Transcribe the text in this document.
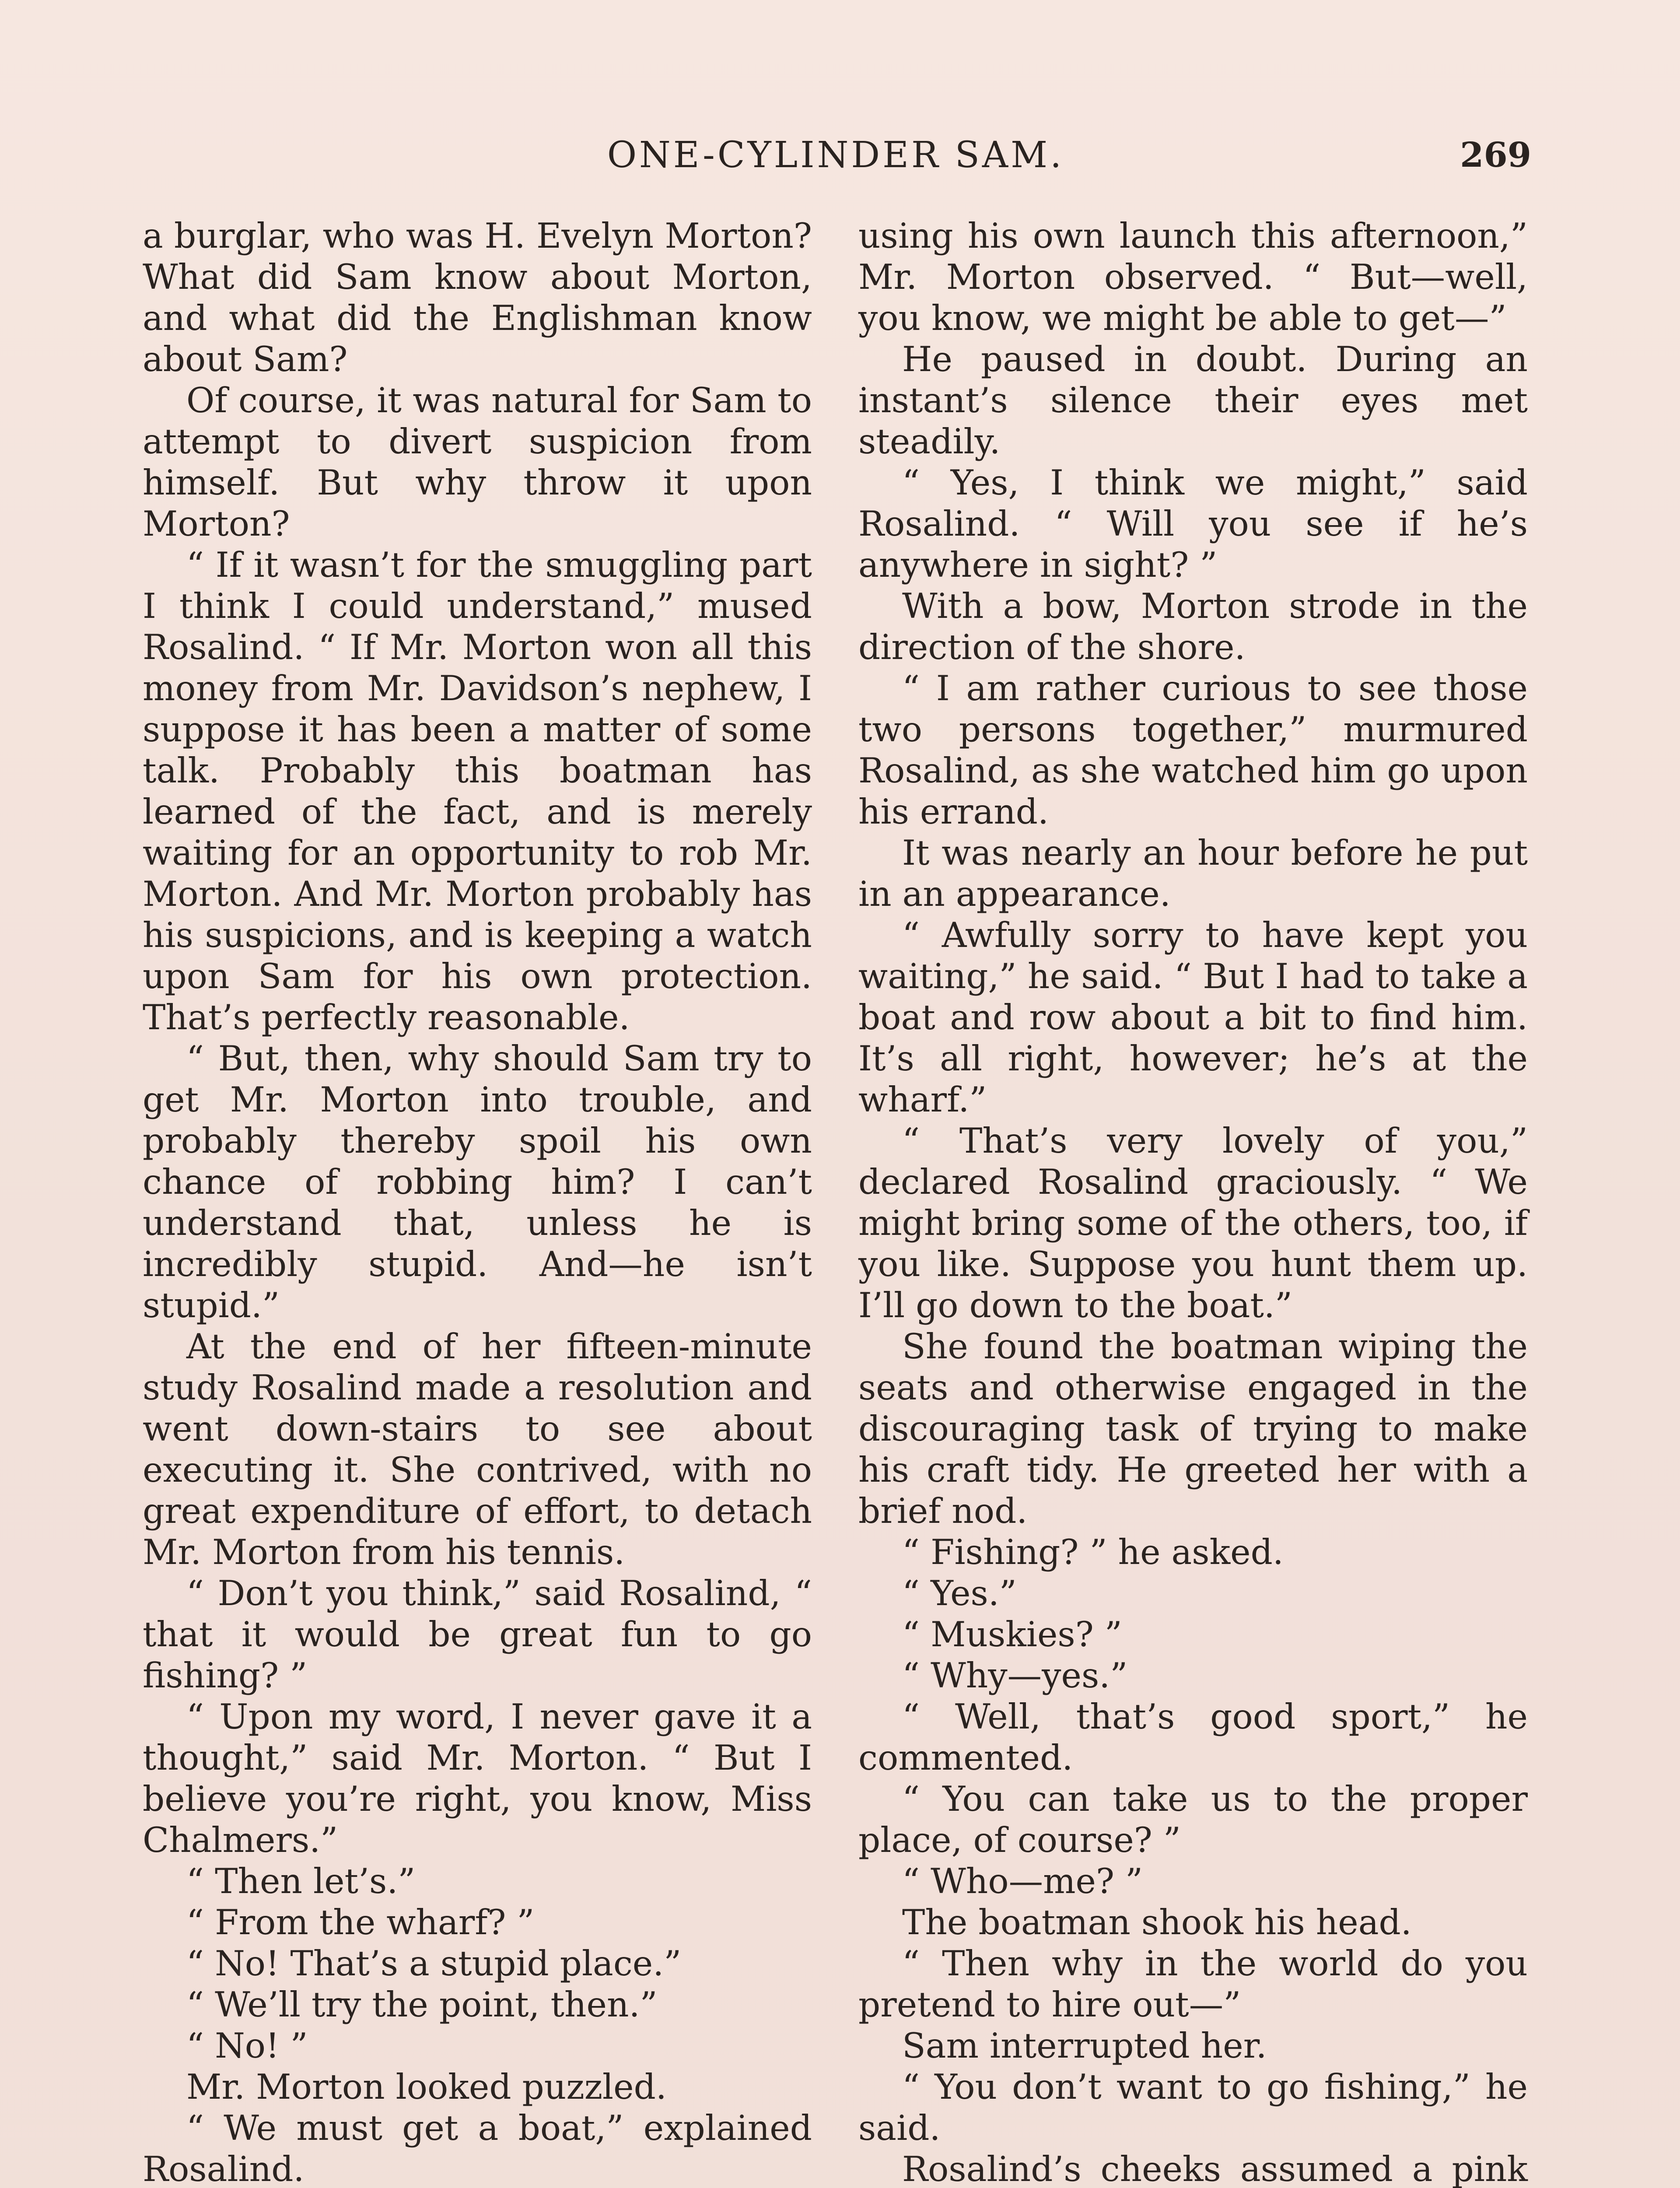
ONE-CYLINDER SAM.	269

a burglar, who was H. Evelyn Morton? What did Sam know about Morton, and what did the Englishman know about Sam?

Of course, it was natural for Sam to attempt to divert suspicion from himself. But why throw it upon Morton?

“ If it wasn’t for the smuggling part I think I could understand,” mused Rosalind. “ If Mr. Morton won all this money from Mr. Davidson’s nephew, I suppose it has been a matter of some talk. Probably this boatman has learned of the fact, and is merely waiting for an opportunity to rob Mr. Morton. And Mr. Morton probably has his suspicions, and is keeping a watch upon Sam for his own protection. That’s perfectly reasonable.

“ But, then, why should Sam try to get Mr. Morton into trouble, and probably thereby spoil his own chance of robbing him? I can’t understand that, unless he is incredibly stupid. And—he isn’t stupid.”

At the end of her fifteen-minute study Rosalind made a resolution and went down-stairs to see about executing it. She contrived, with no great expenditure of effort, to detach Mr. Morton from his tennis.

“ Don’t you think,” said Rosalind, “ that it would be great fun to go fishing? ”

“ Upon my word, I never gave it a thought,” said Mr. Morton. “ But I believe you’re right, you know, Miss Chalmers.”

“ Then let’s.”

“ From the wharf? ”

“ No! That’s a stupid place.”

“ We’ll try the point, then.”

“ No! ”

Mr. Morton looked puzzled.

“ We must get a boat,” explained Rosalind.

using his own launch this afternoon,” Mr. Morton observed. “ But—well, you know, we might be able to get—”

He paused in doubt. During an instant’s silence their eyes met steadily.

“ Yes, I think we might,” said Rosalind. “ Will you see if he’s anywhere in sight? ”

With a bow, Morton strode in the direction of the shore.

“ I am rather curious to see those two persons together,” murmured Rosalind, as she watched him go upon his errand.

It was nearly an hour before he put in an appearance.

“ Awfully sorry to have kept you waiting,” he said. “ But I had to take a boat and row about a bit to find him. It’s all right, however; he’s at the wharf.”

“ That’s very lovely of you,” declared Rosalind graciously. “ We might bring some of the others, too, if you like. Suppose you hunt them up. I’ll go down to the boat.”

She found the boatman wiping the seats and otherwise engaged in the discouraging task of trying to make his craft tidy. He greeted her with a brief nod.

“ Fishing? ” he asked.

“ Yes.”

“ Muskies? ”

“ Why—yes.”

“ Well, that’s good sport,” he commented.

“ You can take us to the proper place, of course? ”

“ Who—me? ”

The boatman shook his head.

“ Then why in the world do you pretend to hire out—”

Sam interrupted her.

“ You don’t want to go fishing,” he said.

Rosalind’s cheeks assumed a pink
